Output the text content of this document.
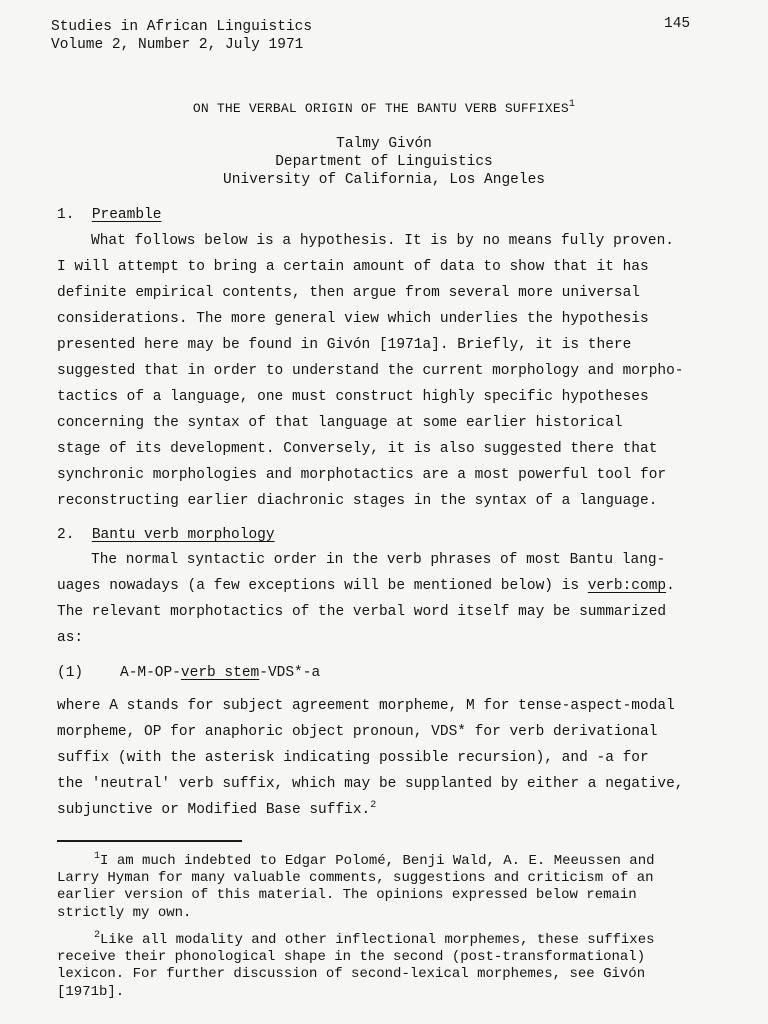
Studies in African Linguistics
Volume 2, Number 2, July 1971
145
ON THE VERBAL ORIGIN OF THE BANTU VERB SUFFIXES$^1$
Talmy Givón
Department of Linguistics
University of California, Los Angeles
1. Preamble
What follows below is a hypothesis. It is by no means fully proven.
I will attempt to bring a certain amount of data to show that it has
definite empirical contents, then argue from several more universal
considerations. The more general view which underlies the hypothesis
presented here may be found in Givón [1971a]. Briefly, it is there
suggested that in order to understand the current morphology and morpho-
tactics of a language, one must construct highly specific hypotheses
concerning the syntax of that language at some earlier historical
stage of its development. Conversely, it is also suggested there that
synchronic morphologies and morphotactics are a most powerful tool for
reconstructing earlier diachronic stages in the syntax of a language.
2. Bantu verb morphology
The normal syntactic order in the verb phrases of most Bantu lang-
uages nowadays (a few exceptions will be mentioned below) is verb:comp.
The relevant morphotactics of the verbal word itself may be summarized
as:
(1)	A-M-OP-verb stem-VDS*-a
where A stands for subject agreement morpheme, M for tense-aspect-modal
morpheme, OP for anaphoric object pronoun, VDS* for verb derivational
suffix (with the asterisk indicating possible recursion), and -a for
the 'neutral' verb suffix, which may be supplanted by either a negative,
subjunctive or Modified Base suffix.$^2$
$^1$I am much indebted to Edgar Polomé, Benji Wald, A. E. Meeussen and
Larry Hyman for many valuable comments, suggestions and criticism of an
earlier version of this material. The opinions expressed below remain
strictly my own.
$^2$Like all modality and other inflectional morphemes, these suffixes
receive their phonological shape in the second (post-transformational)
lexicon. For further discussion of second-lexical morphemes, see Givón
[1971b].
